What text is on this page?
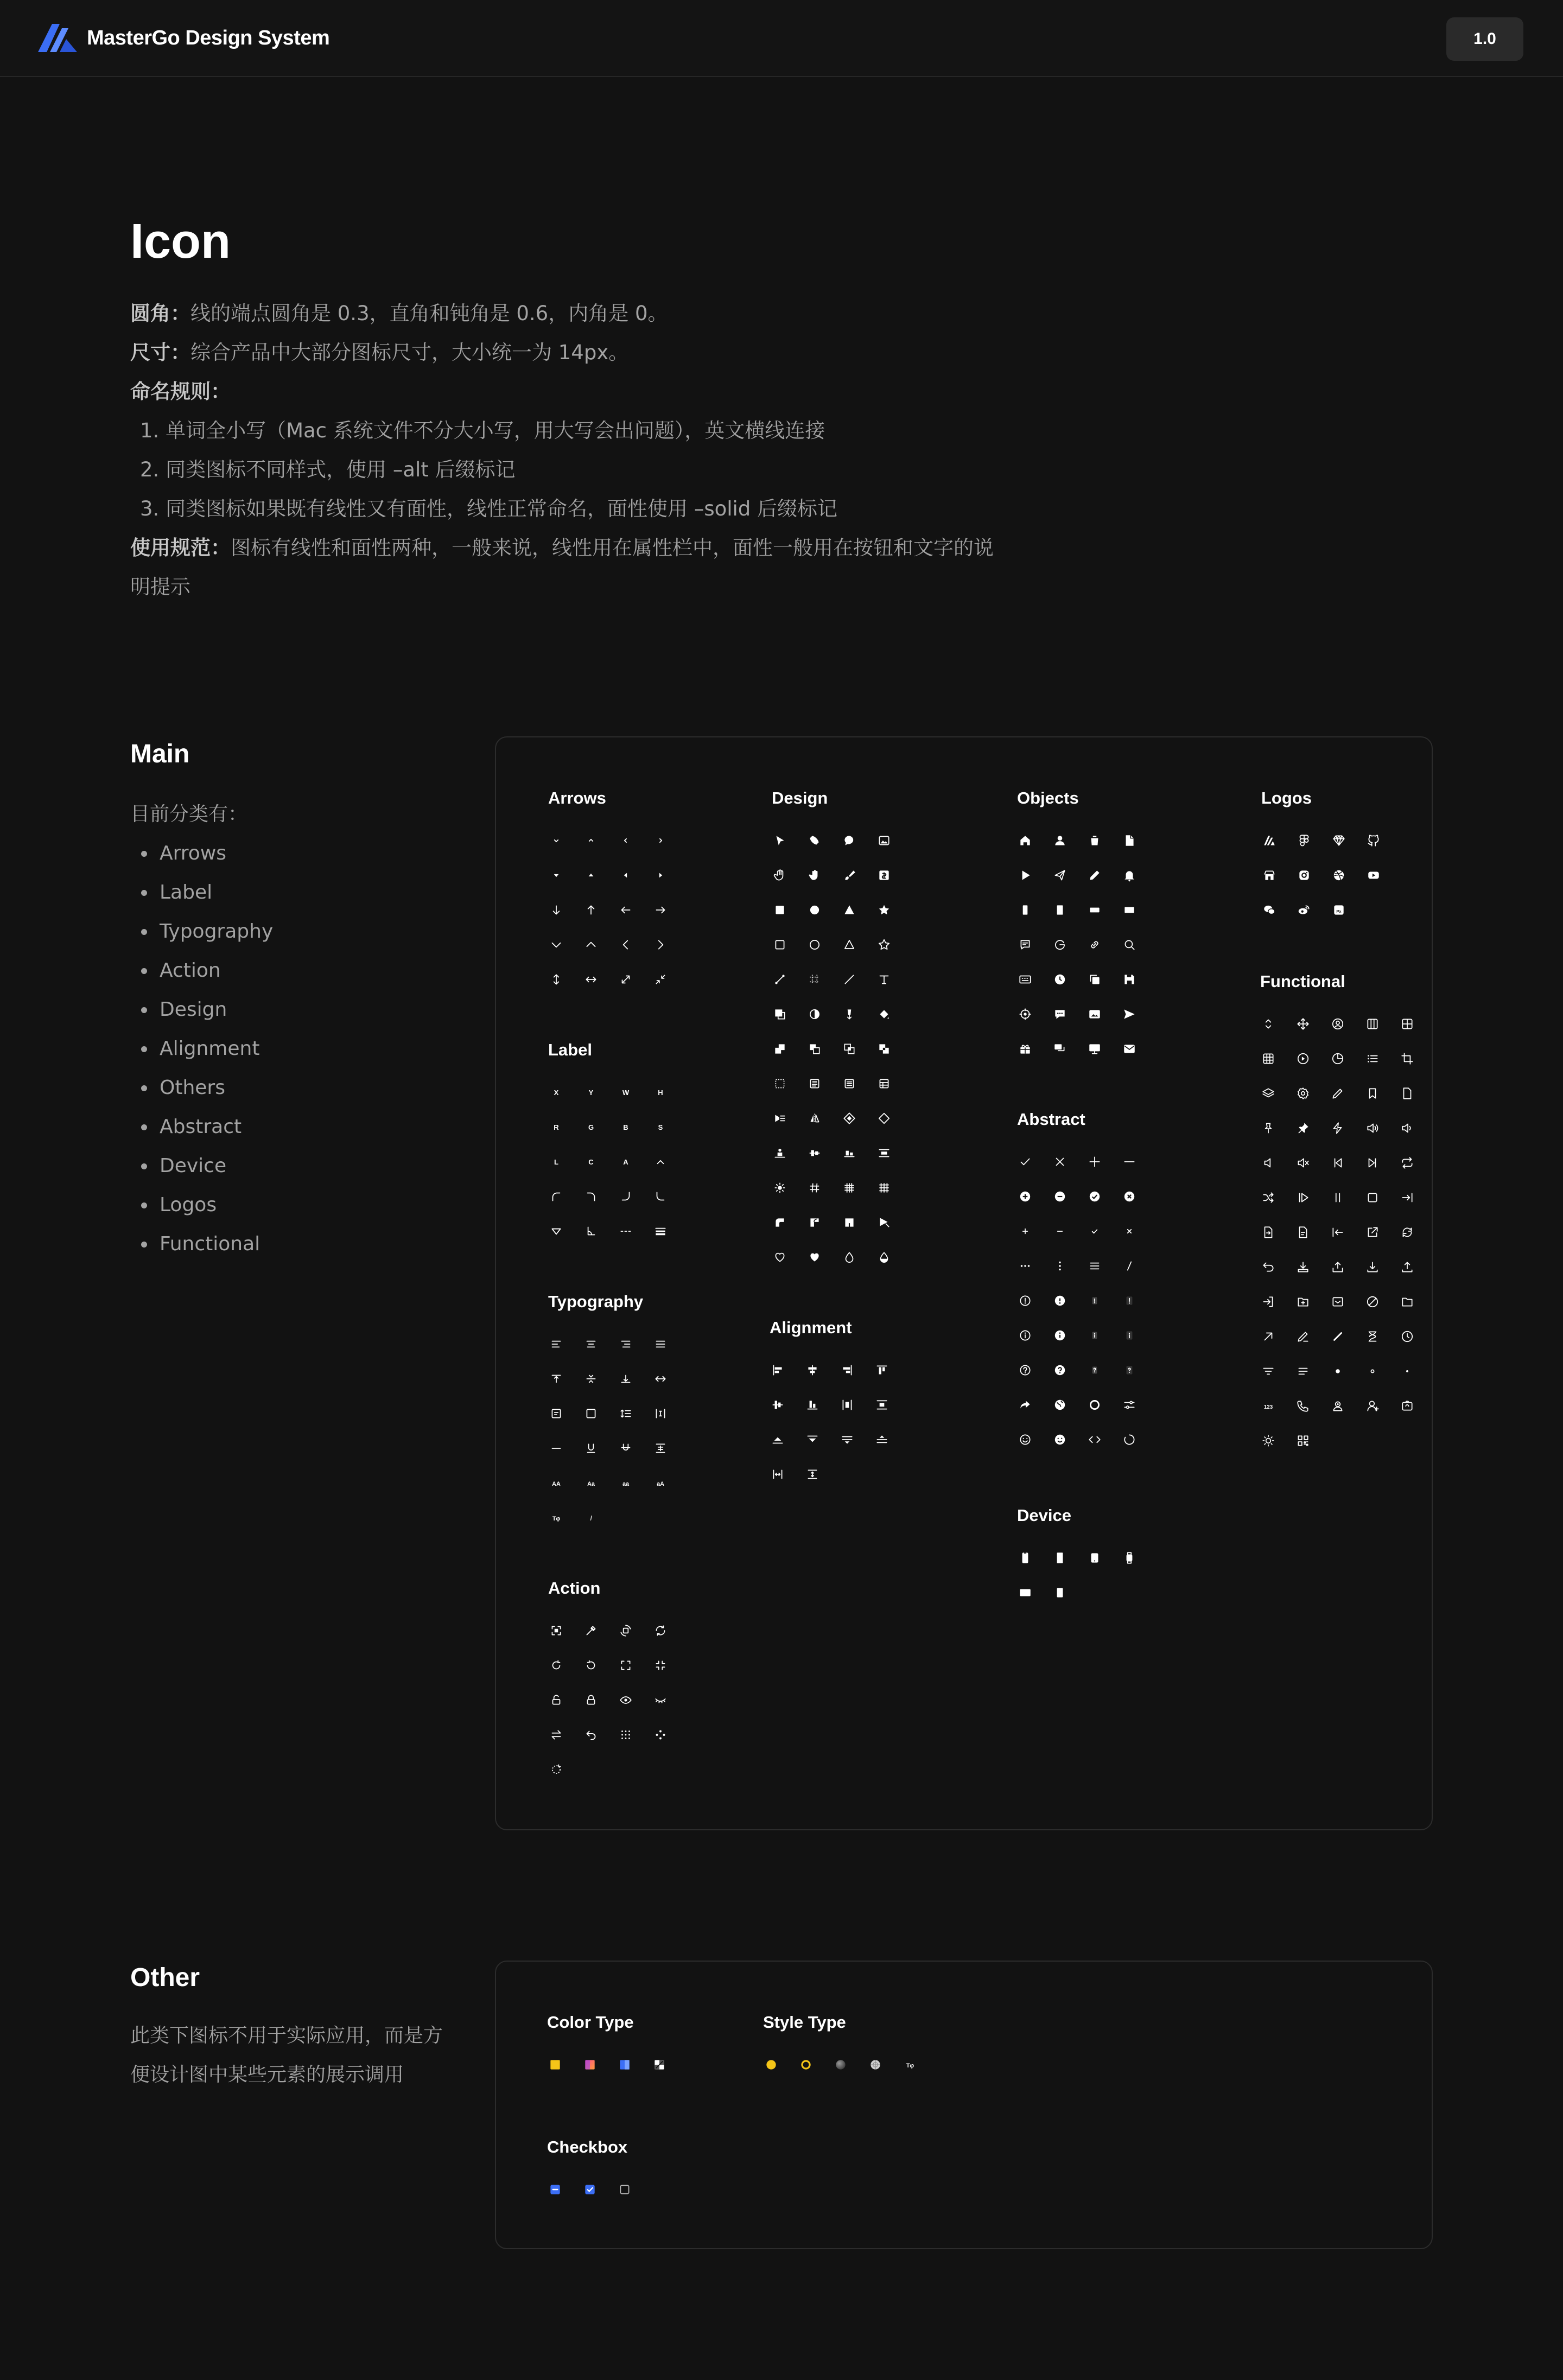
MasterGo Design System	1.0
Icon
圆角：线的端点圆角是 0.3，直角和钝角是 0.6，内角是 0。
尺寸：综合产品中大部分图标尺寸，大小统一为 14px。
命名规则：
1. 单词全小写（Mac 系统文件不分大小写，用大写会出问题），英文横线连接
2. 同类图标不同样式，使用 –alt 后缀标记
3. 同类图标如果既有线性又有面性，线性正常命名，面性使用 –solid 后缀标记
使用规范：图标有线性和面性两种，一般来说，线性用在属性栏中，面性一般用在按钮和文字的说
明提示
Main
目前分类有：
Arrows
Label
Typography
Action
Design
Alignment
Others
Abstract
Device
Logos
Functional
Arrows
Label
X	Y	W	H
R	G	B	S
L	C	A
Typography
AA	Aa	aa	aA
Tφ	I
Action
Design
Alignment
Objects
Abstract
Device
Logos
Px
Functional
123
Other
此类下图标不用于实际应用，而是方
便设计图中某些元素的展示调用
Color Type	Style Type
Tφ
Checkbox
